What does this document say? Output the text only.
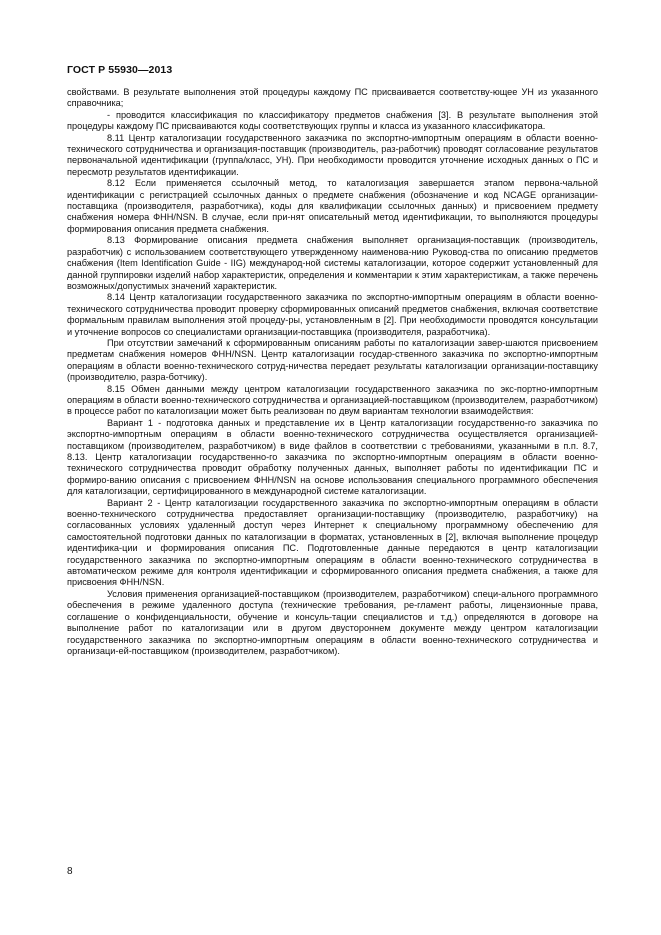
ГОСТ Р 55930—2013

свойствами. В результате выполнения этой процедуры каждому ПС присваивается соответству-ющее УН из указанного справочника;

- проводится классификация по классификатору предметов снабжения [3]. В результате выполнения этой процедуры каждому ПС присваиваются коды соответствующих группы и класса из указанного классификатора.

8.11 Центр каталогизации государственного заказчика по экспортно-импортным операциям в области военно-технического сотрудничества и организация-поставщик (производитель, раз-работчик) проводят согласование результатов первоначальной идентификации (группа/класс, УН). При необходимости проводится уточнение исходных данных о ПС и пересмотр результатов идентификации.

8.12 Если применяется ссылочный метод, то каталогизация завершается этапом первона-чальной идентификации с регистрацией ссылочных данных о предмете снабжения (обозначение и код NCAGE организации-поставщика (производителя, разработчика), коды для квалификации ссылочных данных) и присвоением предмету снабжения номера ФНН/NSN. В случае, если при-нят описательный метод идентификации, то выполняются процедуры формирования описания предмета снабжения.

8.13 Формирование описания предмета снабжения выполняет организация-поставщик (производитель, разработчик) с использованием соответствующего утвержденному наименова-нию Руковод-ства по описанию предметов снабжения (Item Identification Guide - IIG) международ-ной системы каталогизации, которое содержит установленный для данной группировки изделий набор характеристик, определения и комментарии к этим характеристикам, а также перечень возможных/допустимых значений характеристик.

8.14 Центр каталогизации государственного заказчика по экспортно-импортным операциям в области военно-технического сотрудничества проводит проверку сформированных описаний предметов снабжения, включая соответствие формальным правилам выполнения этой процеду-ры, установленным в [2]. При необходимости проводятся консультации и уточнение вопросов со специалистами организации-поставщика (производителя, разработчика).

При отсутствии замечаний к сформированным описаниям работы по каталогизации завер-шаются присвоением предметам снабжения номеров ФНН/NSN. Центр каталогизации государ-ственного заказчика по экспортно-импортным операциям в области военно-технического сотруд-ничества передает результаты каталогизации организации-поставщику (производителю, разра-ботчику).

8.15 Обмен данными между центром каталогизации государственного заказчика по экс-портно-импортным операциям в области военно-технического сотрудничества и организацией-поставщиком (производителем, разработчиком) в процессе работ по каталогизации может быть реализован по двум вариантам технологии взаимодействия:

Вариант 1 - подготовка данных и представление их в Центр каталогизации государственно-го заказчика по экспортно-импортным операциям в области военно-технического сотрудничества осуществляется организацией-поставщиком (производителем, разработчиком) в виде файлов в соответствии с требованиями, указанными в п.п. 8.7, 8.13. Центр каталогизации государственно-го заказчика по экспортно-импортным операциям в области военно-технического сотрудничества проводит обработку полученных данных, выполняет работы по идентификации ПС и формиро-ванию описания с присвоением ФНН/NSN на основе использования специального программного обеспечения для каталогизации, сертифицированного в международной системе каталогизации.

Вариант 2 - Центр каталогизации государственного заказчика по экспортно-импортным операциям в области военно-технического сотрудничества предоставляет организации-поставщику (производителю, разработчику) на согласованных условиях удаленный доступ через Интернет к специальному программному обеспечению для самостоятельной подготовки данных по каталогизации в форматах, установленных в [2], включая выполнение процедур идентифика-ции и формирования описания ПС. Подготовленные данные передаются в центр каталогизации государственного заказчика по экспортно-импортным операциям в области военно-технического сотрудничества в автоматическом режиме для контроля идентификации и сформированного описания предмета снабжения, а также для присвоения ФНН/NSN.

Условия применения организацией-поставщиком (производителем, разработчиком) специ-ального программного обеспечения в режиме удаленного доступа (технические требования, ре-гламент работы, лицензионные права, соглашение о конфиденциальности, обучение и консуль-тации специалистов и т.д.) определяются в договоре на выполнение работ по каталогизации или в другом двустороннем документе между центром каталогизации государственного заказчика по экспортно-импортным операциям в области военно-технического сотрудничества и организаци-ей-поставщиком (производителем, разработчиком).

8
